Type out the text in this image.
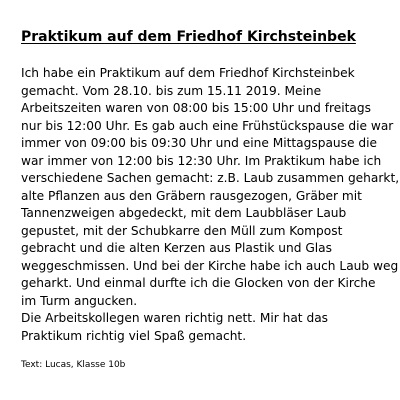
Praktikum auf dem Friedhof Kirchsteinbek
Ich habe ein Praktikum auf dem Friedhof Kirchsteinbek
gemacht. Vom 28.10. bis zum 15.11 2019. Meine
Arbeitszeiten waren von 08:00 bis 15:00 Uhr und freitags
nur bis 12:00 Uhr. Es gab auch eine Frühstückspause die war
immer von 09:00 bis 09:30 Uhr und eine Mittagspause die
war immer von 12:00 bis 12:30 Uhr. Im Praktikum habe ich
verschiedene Sachen gemacht: z.B. Laub zusammen geharkt,
alte Pflanzen aus den Gräbern rausgezogen, Gräber mit
Tannenzweigen abgedeckt, mit dem Laubbläser Laub
gepustet, mit der Schubkarre den Müll zum Kompost
gebracht und die alten Kerzen aus Plastik und Glas
weggeschmissen. Und bei der Kirche habe ich auch Laub weg
geharkt. Und einmal durfte ich die Glocken von der Kirche
im Turm angucken.
Die Arbeitskollegen waren richtig nett. Mir hat das
Praktikum richtig viel Spaß gemacht.

Text: Lucas, Klasse 10b
